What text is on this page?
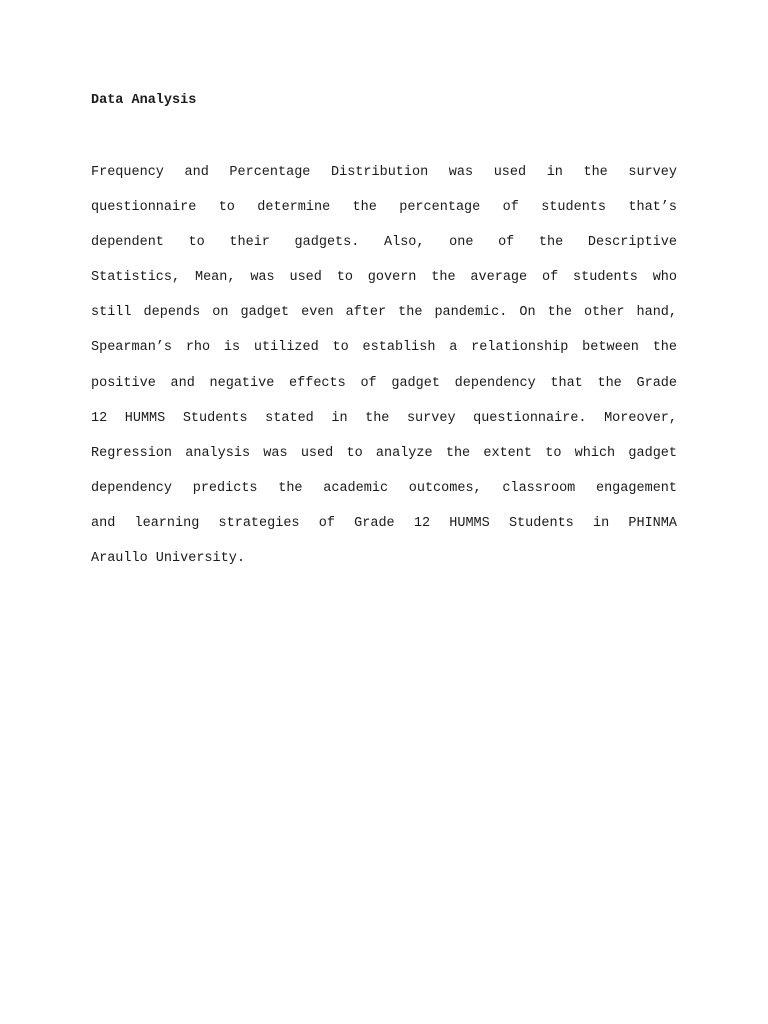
Data Analysis
Frequency and Percentage Distribution was used in the survey
questionnaire to determine the percentage of students that’s
dependent to their gadgets. Also, one of the Descriptive
Statistics, Mean, was used to govern the average of students who
still depends on gadget even after the pandemic. On the other hand,
Spearman’s rho is utilized to establish a relationship between the
positive and negative effects of gadget dependency that the Grade
12 HUMMS Students stated in the survey questionnaire. Moreover,
Regression analysis was used to analyze the extent to which gadget
dependency predicts the academic outcomes, classroom engagement
and learning strategies of Grade 12 HUMMS Students in PHINMA
Araullo University.
